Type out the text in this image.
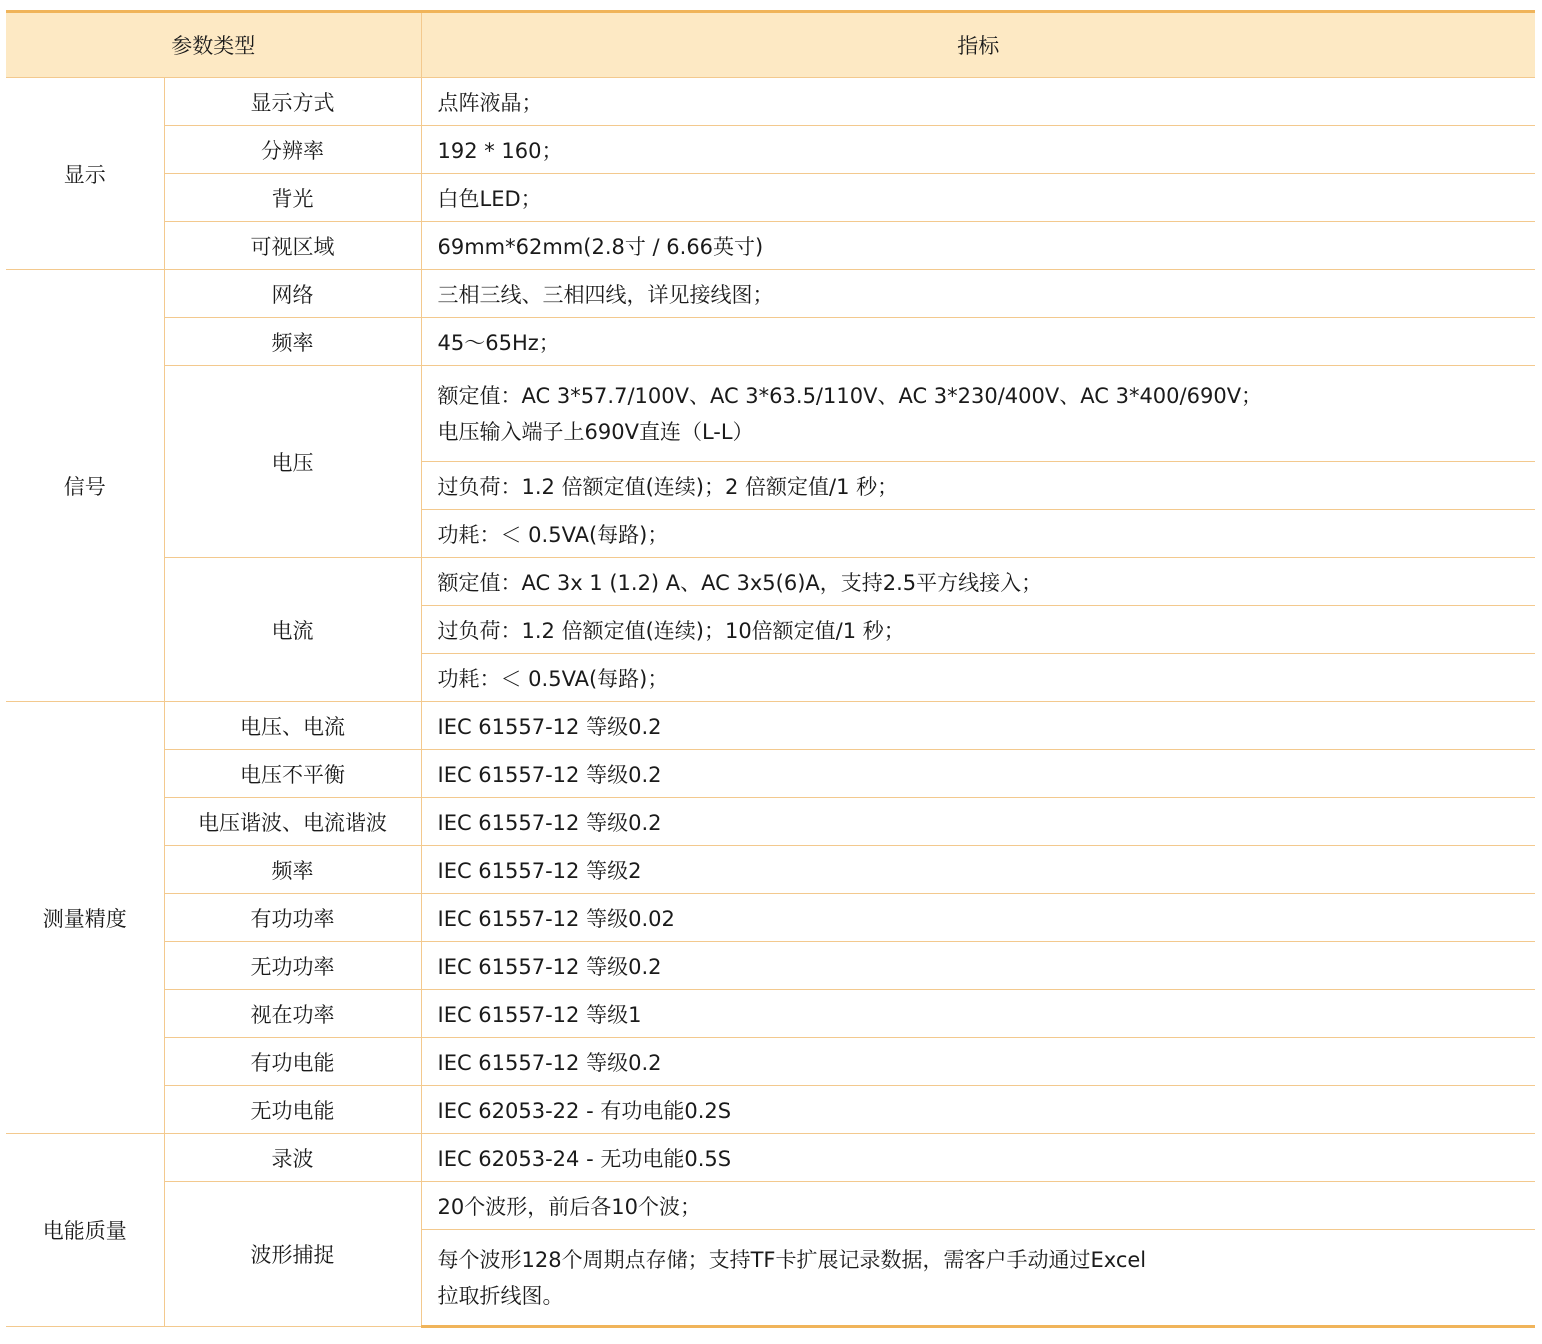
参数类型		指标
显示	显示方式	点阵液晶；
	分辨率	192 * 160；
	背光	白色LED；
	可视区域	69mm*62mm(2.8寸 / 6.66英寸)
信号	网络	三相三线、三相四线，详见接线图；
	频率	45～65Hz；
	电压	额定值：AC 3*57.7/100V、AC 3*63.5/110V、AC 3*230/400V、AC 3*400/690V；
电压输入端子上690V直连（L-L）

		过负荷：1.2 倍额定值(连续)；2 倍额定值/1 秒；
		功耗：＜ 0.5VA(每路)；
	电流	额定值：AC 3x 1 (1.2) A、AC 3x5(6)A，支持2.5平方线接入；
		过负荷：1.2 倍额定值(连续)；10倍额定值/1 秒；
		功耗：＜ 0.5VA(每路)；
测量精度	电压、电流	IEC 61557-12 等级0.2
	电压不平衡	IEC 61557-12 等级0.2
	电压谐波、电流谐波	IEC 61557-12 等级0.2
	频率	IEC 61557-12 等级2
	有功功率	IEC 61557-12 等级0.02
	无功功率	IEC 61557-12 等级0.2
	视在功率	IEC 61557-12 等级1
	有功电能	IEC 61557-12 等级0.2
	无功电能	IEC 62053-22 - 有功电能0.2S
电能质量	录波	IEC 62053-24 - 无功电能0.5S
	波形捕捉	20个波形，前后各10个波；

		每个波形128个周期点存储；支持TF卡扩展记录数据，需客户手动通过Excel
拉取折线图。
